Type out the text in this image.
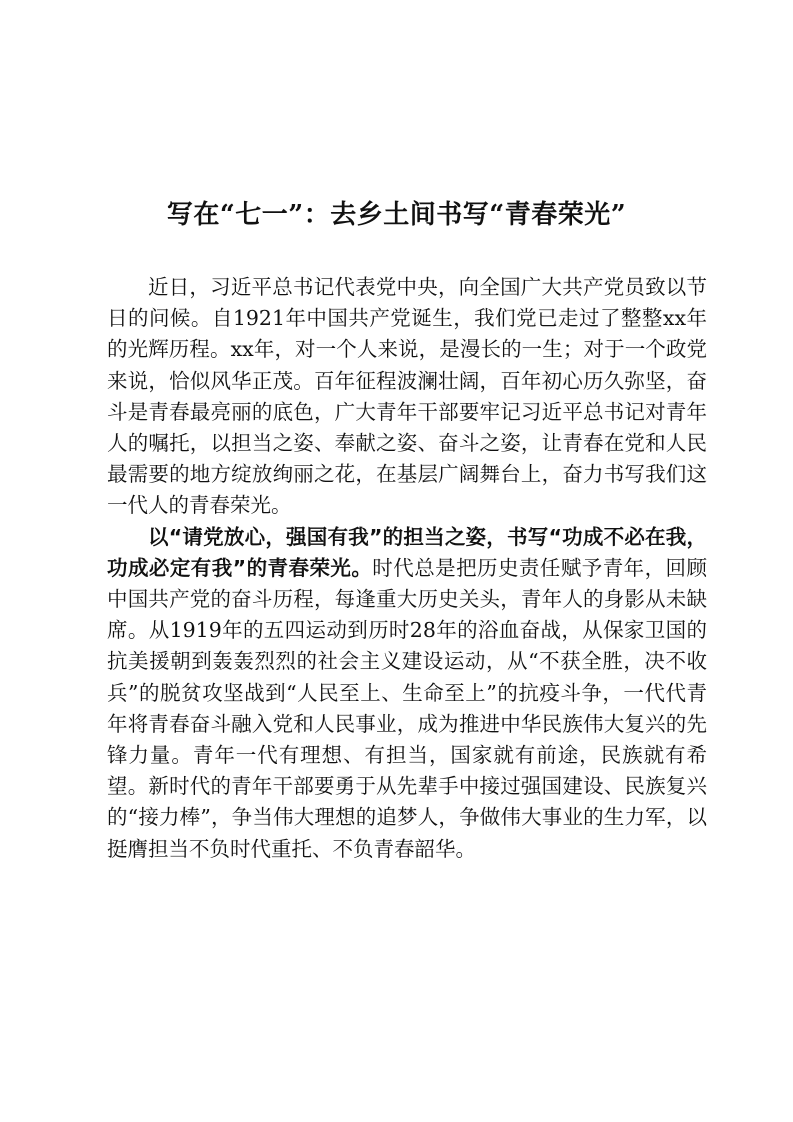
写在“七一”：去乡土间书写“青春荣光”

近日，习近平总书记代表党中央，向全国广大共产党员致以节日的问候。自1921年中国共产党诞生，我们党已走过了整整xx年的光辉历程。xx年，对一个人来说，是漫长的一生；对于一个政党来说，恰似风华正茂。百年征程波澜壮阔，百年初心历久弥坚，奋斗是青春最亮丽的底色，广大青年干部要牢记习近平总书记对青年人的嘱托，以担当之姿、奉献之姿、奋斗之姿，让青春在党和人民最需要的地方绽放绚丽之花，在基层广阔舞台上，奋力书写我们这一代人的青春荣光。

以“请党放心，强国有我”的担当之姿，书写“功成不必在我，功成必定有我”的青春荣光。时代总是把历史责任赋予青年，回顾中国共产党的奋斗历程，每逢重大历史关头，青年人的身影从未缺席。从1919年的五四运动到历时28年的浴血奋战，从保家卫国的抗美援朝到轰轰烈烈的社会主义建设运动，从“不获全胜，决不收兵”的脱贫攻坚战到“人民至上、生命至上”的抗疫斗争，一代代青年将青春奋斗融入党和人民事业，成为推进中华民族伟大复兴的先锋力量。青年一代有理想、有担当，国家就有前途，民族就有希望。新时代的青年干部要勇于从先辈手中接过强国建设、民族复兴的“接力棒”，争当伟大理想的追梦人，争做伟大事业的生力军，以挺膺担当不负时代重托、不负青春韶华。
